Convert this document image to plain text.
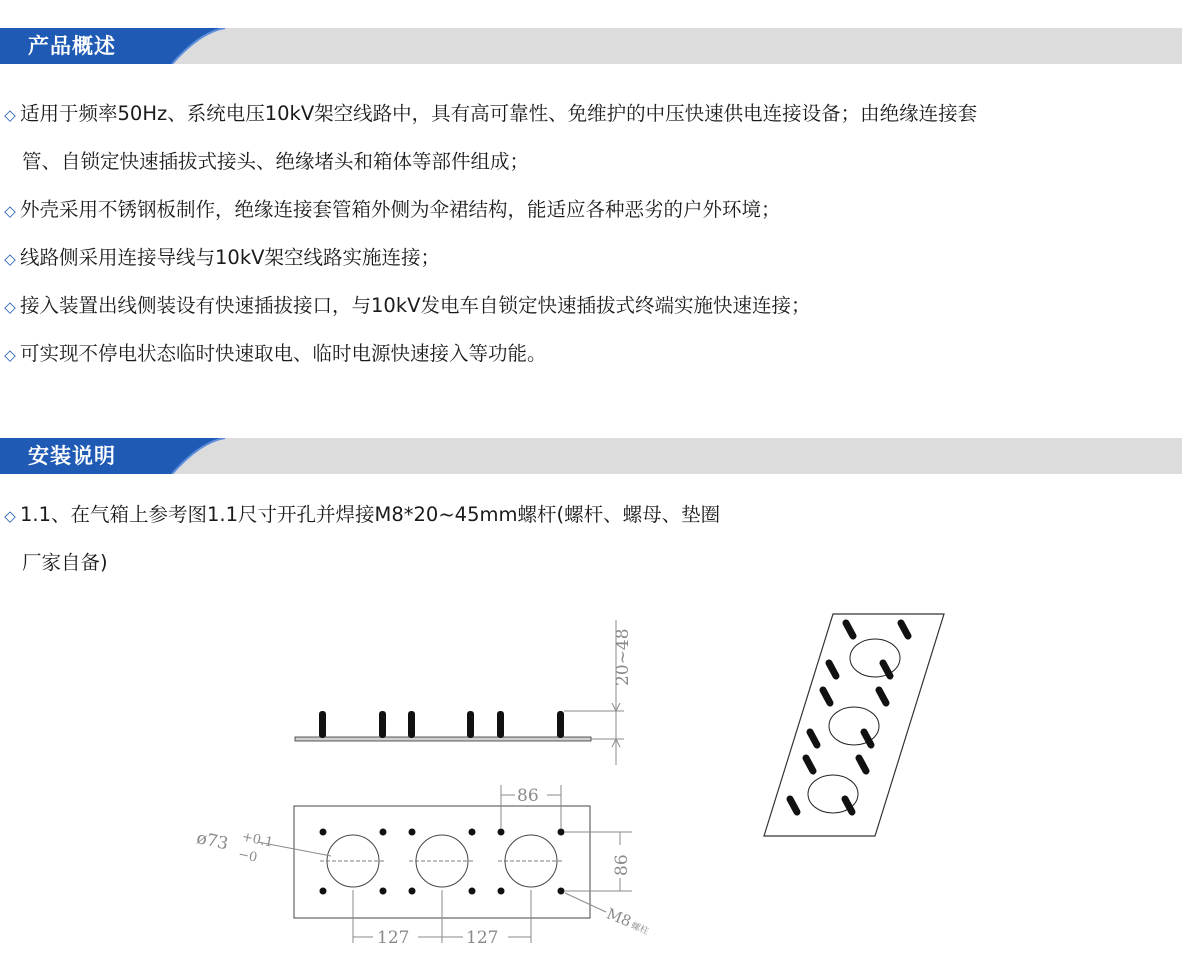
产品概述
◇ 适用于频率50Hz、系统电压10kV架空线路中，具有高可靠性、免维护的中压快速供电连接设备；由绝缘连接套
管、自锁定快速插拔式接头、绝缘堵头和箱体等部件组成；
◇ 外壳采用不锈钢板制作，绝缘连接套管箱外侧为伞裙结构，能适应各种恶劣的户外环境；
◇ 线路侧采用连接导线与10kV架空线路实施连接；
◇ 接入装置出线侧装设有快速插拔接口，与10kV发电车自锁定快速插拔式终端实施快速连接；
◇ 可实现不停电状态临时快速取电、临时电源快速接入等功能。
安装说明
◇ 1.1、在气箱上参考图1.1尺寸开孔并焊接M8*20~45mm螺杆(螺杆、螺母、垫圈
厂家自备)
20~48
86
86
127	127
ø73 +0.1
−0
M8
螺柱
